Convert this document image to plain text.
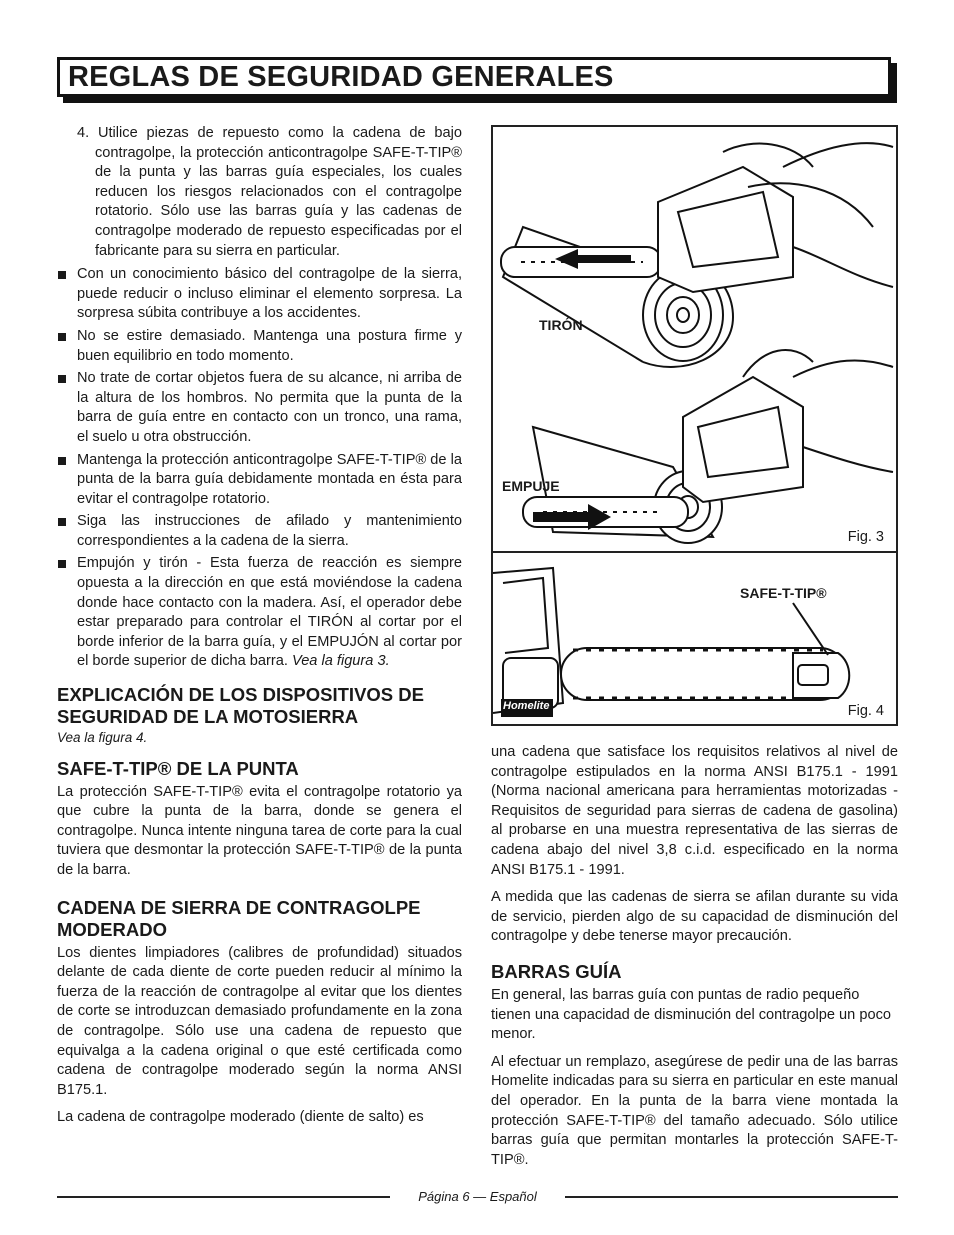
REGLAS DE SEGURIDAD GENERALES

4. Utilice piezas de repuesto como la cadena de bajo contragolpe, la protección anticontragolpe SAFE-T-TIP® de la punta y las barras guía especiales, los cuales reducen los riesgos relacionados con el contragolpe rotatorio. Sólo use las barras guía y las cadenas de contragolpe moderado de repuesto especificadas por el fabricante para su sierra en particular.

Con un conocimiento básico del contragolpe de la sierra, puede reducir o incluso eliminar el elemento sorpresa. La sorpresa súbita contribuye a los accidentes.
No se estire demasiado. Mantenga una postura firme y buen equilibrio en todo momento.
No trate de cortar objetos fuera de su alcance, ni arriba de la altura de los hombros. No permita que la punta de la barra de guía entre en contacto con un tronco, una rama, el suelo u otra obstrucción.
Mantenga la protección anticontragolpe SAFE-T-TIP® de la punta de la barra guía debidamente montada en ésta para evitar el contragolpe rotatorio.
Siga las instrucciones de afilado y mantenimiento correspondientes a la cadena de la sierra.
Empujón y tirón - Esta fuerza de reacción es siempre opuesta a la dirección en que está moviéndose la cadena donde hace contacto con la madera. Así, el operador debe estar preparado para controlar el TIRÓN al cortar por el borde inferior de la barra guía, y el EMPUJÓN al cortar por el borde superior de dicha barra. Vea la figura 3.
EXPLICACIÓN DE LOS DISPOSITIVOS DE SEGURIDAD DE LA MOTOSIERRA
Vea la figura 4.
SAFE-T-TIP® DE LA PUNTA

La protección SAFE-T-TIP® evita el contragolpe rotatorio ya que cubre la punta de la barra, donde se genera el contragolpe. Nunca intente ninguna tarea de corte para la cual tuviera que desmontar la protección SAFE-T-TIP® de la punta de la barra.

CADENA DE SIERRA DE CONTRAGOLPE MODERADO

Los dientes limpiadores (calibres de profundidad) situados delante de cada diente de corte pueden reducir al mínimo la fuerza de la reacción de contragolpe al evitar que los dientes de corte se introduzcan demasiado profundamente en la zona de contragolpe. Sólo use una cadena de repuesto que equivalga a la cadena original o que esté certificada como cadena de contragolpe moderado según la norma ANSI B175.1.

La cadena de contragolpe moderado (diente de salto) es

TIRÓN
EMPUJE
Fig. 3
Homelite
SAFE-T-TIP®
Fig. 4

una cadena que satisface los requisitos relativos al nivel de contragolpe estipulados en la norma ANSI B175.1 - 1991 (Norma nacional americana para herramientas motorizadas - Requisitos de seguridad para sierras de cadena de gasolina) al probarse en una muestra representativa de las sierras de cadena abajo del nivel 3,8 c.i.d. especificado en la norma ANSI B175.1 - 1991.

A medida que las cadenas de sierra se afilan durante su vida de servicio, pierden algo de su capacidad de disminución del contragolpe y debe tenerse mayor precaución.

BARRAS GUÍA

En general, las barras guía con puntas de radio pequeño tienen una capacidad de disminución del contragolpe un poco menor.

Al efectuar un remplazo, asegúrese de pedir una de las barras Homelite indicadas para su sierra en particular en este manual del operador. En la punta de la barra viene montada la protección SAFE-T-TIP® del tamaño adecuado. Sólo utilice barras guía que permitan montarles la protección SAFE-T-TIP®.

Página 6 — Español
